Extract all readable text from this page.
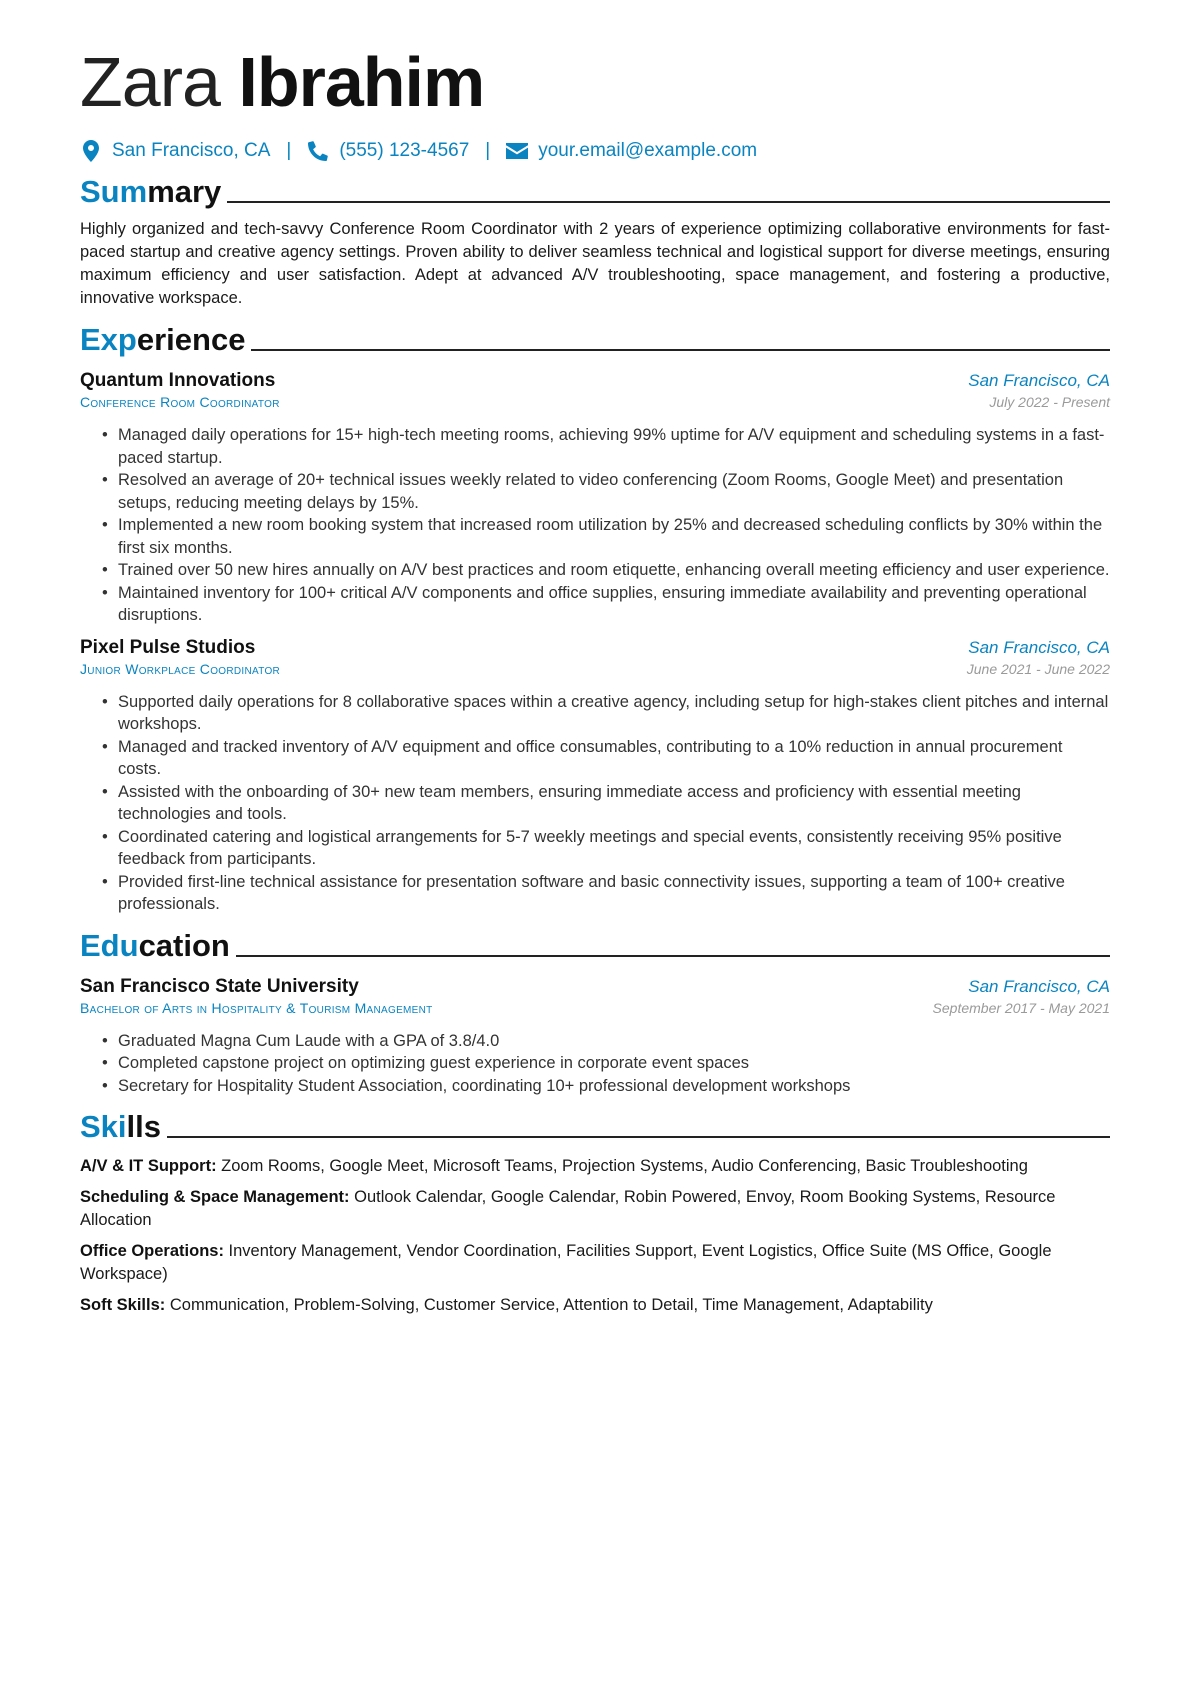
Zara Ibrahim
San Francisco, CA |	(555) 123-4567 |	your.email@example.com
Summary
Highly organized and tech-savvy Conference Room Coordinator with 2 years of experience optimizing collaborative environments for fast-paced startup and creative agency settings. Proven ability to deliver seamless technical and logistical support for diverse meetings, ensuring maximum efficiency and user satisfaction. Adept at advanced A/V troubleshooting, space management, and fostering a productive, innovative workspace.
Experience
Quantum Innovations	San Francisco, CA
Conference Room Coordinator	July 2022 - Present
• Managed daily operations for 15+ high-tech meeting rooms, achieving 99% uptime for A/V equipment and scheduling systems in a fast-paced startup.
• Resolved an average of 20+ technical issues weekly related to video conferencing (Zoom Rooms, Google Meet) and presentation setups, reducing meeting delays by 15%.
• Implemented a new room booking system that increased room utilization by 25% and decreased scheduling conflicts by 30% within the first six months.
• Trained over 50 new hires annually on A/V best practices and room etiquette, enhancing overall meeting efficiency and user experience.
• Maintained inventory for 100+ critical A/V components and office supplies, ensuring immediate availability and preventing operational disruptions.
Pixel Pulse Studios	San Francisco, CA
Junior Workplace Coordinator	June 2021 - June 2022
• Supported daily operations for 8 collaborative spaces within a creative agency, including setup for high-stakes client pitches and internal workshops.
• Managed and tracked inventory of A/V equipment and office consumables, contributing to a 10% reduction in annual procurement costs.
• Assisted with the onboarding of 30+ new team members, ensuring immediate access and proficiency with essential meeting technologies and tools.
• Coordinated catering and logistical arrangements for 5-7 weekly meetings and special events, consistently receiving 95% positive feedback from participants.
• Provided first-line technical assistance for presentation software and basic connectivity issues, supporting a team of 100+ creative professionals.
Education
San Francisco State University	San Francisco, CA
Bachelor of Arts in Hospitality & Tourism Management	September 2017 - May 2021
• Graduated Magna Cum Laude with a GPA of 3.8/4.0
• Completed capstone project on optimizing guest experience in corporate event spaces
• Secretary for Hospitality Student Association, coordinating 10+ professional development workshops
Skills
A/V & IT Support: Zoom Rooms, Google Meet, Microsoft Teams, Projection Systems, Audio Conferencing, Basic Troubleshooting
Scheduling & Space Management: Outlook Calendar, Google Calendar, Robin Powered, Envoy, Room Booking Systems, Resource Allocation
Office Operations: Inventory Management, Vendor Coordination, Facilities Support, Event Logistics, Office Suite (MS Office, Google Workspace)
Soft Skills: Communication, Problem-Solving, Customer Service, Attention to Detail, Time Management, Adaptability
